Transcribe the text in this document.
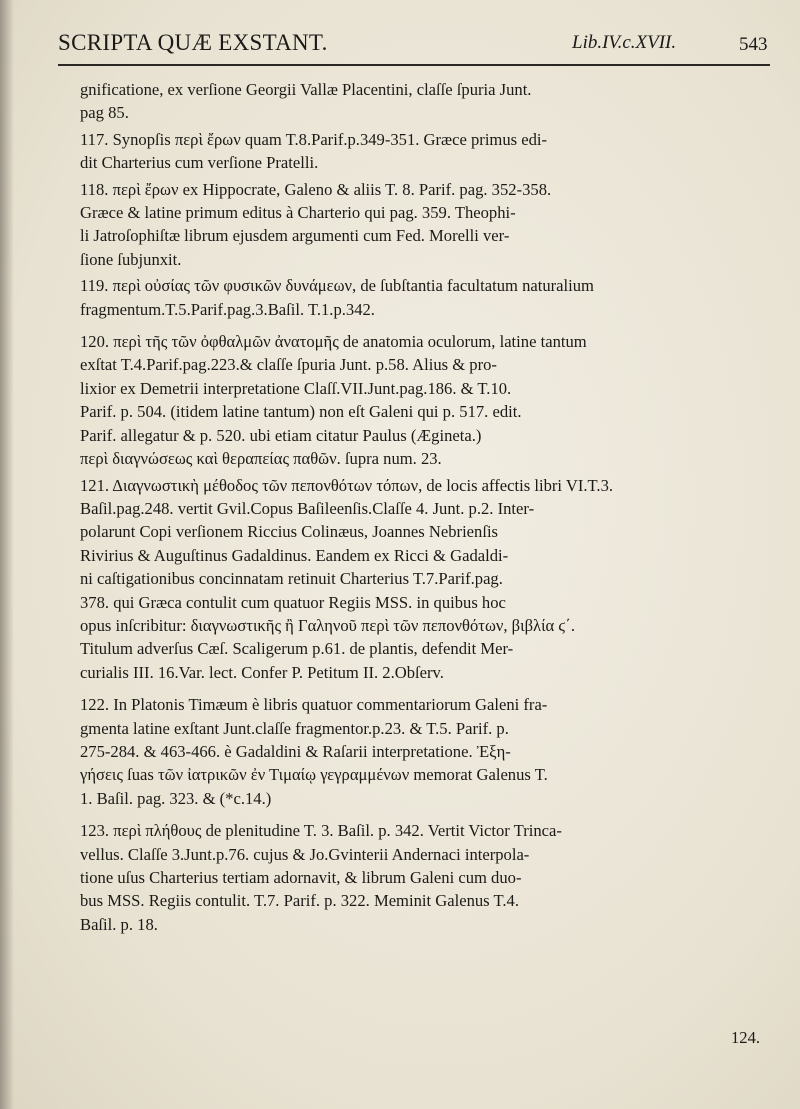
SCRIPTA QUÆ EXSTANT.	Lib.IV.c.XVII.	543
gnificatione, ex verſione Georgii Vallæ Placentini, claſſe ſpuria Junt.
pag 85.
117. Synopſis περὶ ἔρων quam T.8.Parif.p.349-351. Græce primus edi-
dit Charterius cum verſione Pratelli.
118. περὶ ἔρων ex Hippocrate, Galeno & aliis T. 8. Parif. pag. 352-358.
Græce & latine primum editus à Charterio qui pag. 359. Theophi-
li Jatroſophiſtæ librum ejusdem argumenti cum Fed. Morelli ver-
ſione ſubjunxit.
119. περὶ οὐσίας τῶν φυσικῶν δυνάμεων, de ſubſtantia facultatum naturalium
fragmentum.T.5.Parif.pag.3.Baſil. T.1.p.342.
120. περὶ τῆς τῶν ὀφθαλμῶν ἀνατομῆς de anatomia oculorum, latine tantum
exſtat T.4.Parif.pag.223.& claſſe ſpuria Junt. p.58. Alius & pro-
lixior ex Demetrii interpretatione Claſſ.VII.Junt.pag.186. & T.10.
Parif. p. 504. (itidem latine tantum) non eſt Galeni qui p. 517. edit.
Parif. allegatur & p. 520. ubi etiam citatur Paulus (Ægineta.)
περὶ διαγνώσεως καὶ θεραπείας παθῶν. ſupra num. 23.
121. Διαγνωστικὴ μέθοδος τῶν πεπονθότων τόπων, de locis affectis libri VI.T.3.
Baſil.pag.248. vertit Gvil.Copus Baſileenſis.Claſſe 4. Junt. p.2. Inter-
polarunt Copi verſionem Riccius Colinæus, Joannes Nebrienſis
Rivirius & Auguſtinus Gadaldinus. Eandem ex Ricci & Gadaldi-
ni caſtigationibus concinnatam retinuit Charterius T.7.Parif.pag.
378. qui Græca contulit cum quatuor Regiis MSS. in quibus hoc
opus inſcribitur: διαγνωστικῆς ἢ Γαληνοῦ περὶ τῶν πεπονθότων, βιβλία ϛ΄.
Titulum adverſus Cæſ. Scaligerum p.61. de plantis, defendit Mer-
curialis III. 16.Var. lect. Confer P. Petitum II. 2.Obſerv.
122. In Platonis Timæum è libris quatuor commentariorum Galeni fra-
gmenta latine exſtant Junt.claſſe fragmentor.p.23. & T.5. Parif. p.
275-284. & 463-466. è Gadaldini & Raſarii interpretatione. Ἐξη-
γήσεις ſuas τῶν ἰατρικῶν ἐν Τιμαίῳ γεγραμμένων memorat Galenus T.
1. Baſil. pag. 323. & (*c.14.)
123. περὶ πλήθους de plenitudine T. 3. Baſil. p. 342. Vertit Victor Trinca-
vellus. Claſſe 3.Junt.p.76. cujus & Jo.Gvinterii Andernaci interpola-
tione uſus Charterius tertiam adornavit, & librum Galeni cum duo-
bus MSS. Regiis contulit. T.7. Parif. p. 322. Meminit Galenus T.4.
Baſil. p. 18.
124.
